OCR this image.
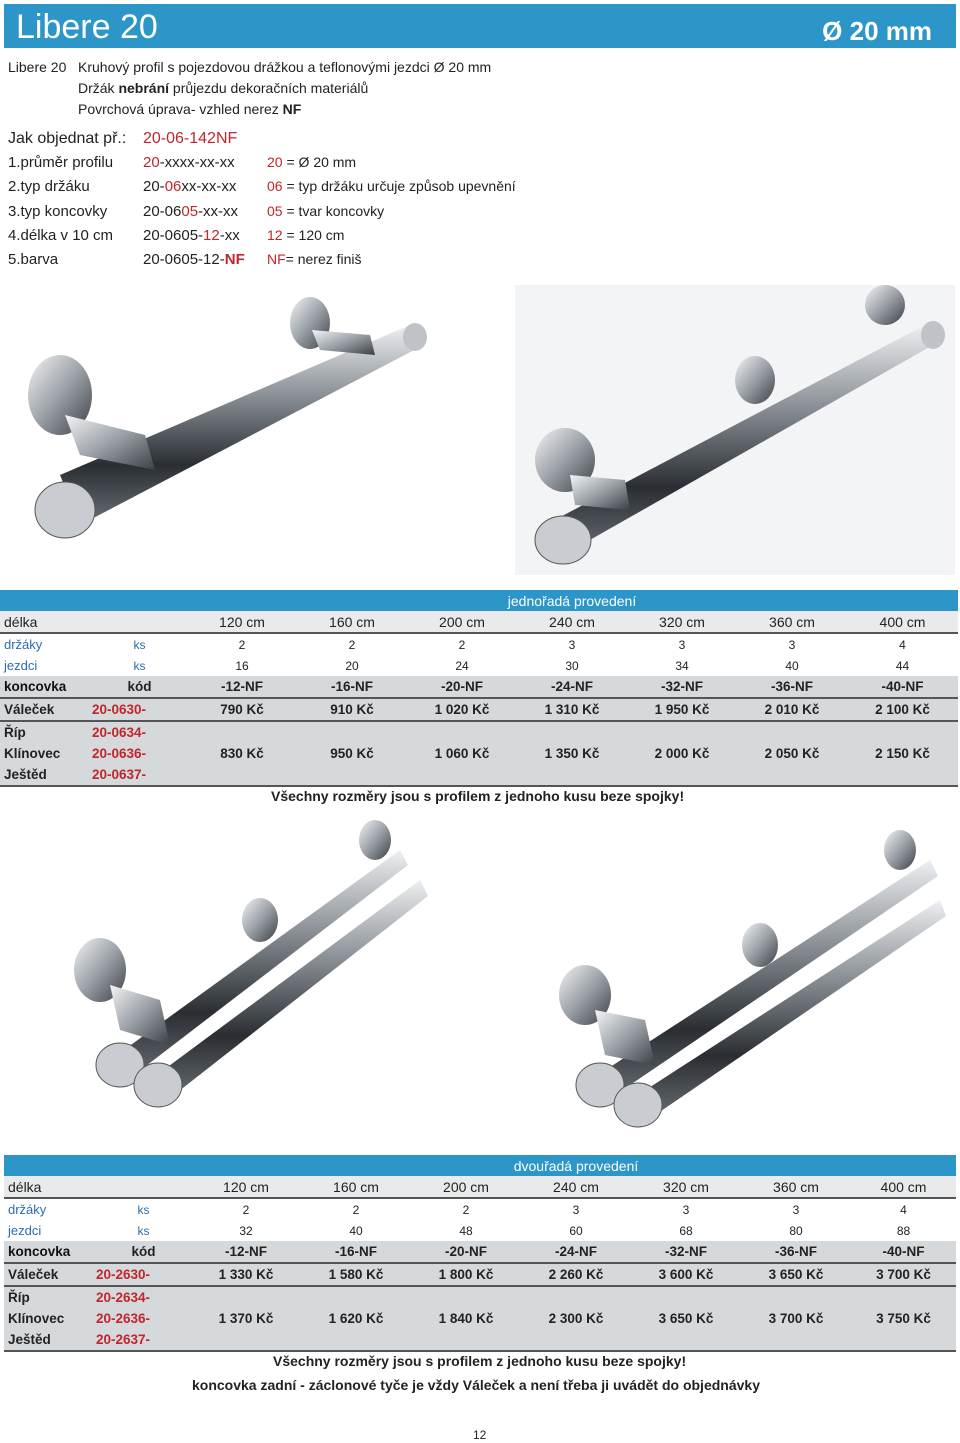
Libere 20	Ø 20 mm
Libere 20 Kruhový profil s pojezdovou drážkou a teflonovými jezdci Ø 20 mm
Držák nebrání průjezdu dekoračních materiálů
Povrchová úprava- vzhled nerez NF
Jak objednat př.: 20-06-142NF
1.průměr profilu 20-xxxx-xx-xx 20 = Ø 20 mm
2.typ držáku	20-06xx-xx-xx 06 = typ držáku určuje způsob upevnění
3.typ koncovky 20-0605-xx-xx 05 = tvar koncovky
4.délka v 10 cm 20-0605-12-xx 12 = 120 cm
5.barva	20-0605-12-NF NF= nerez finiš
				jednořadá provedení				
délka		120 cm	160 cm	200 cm	240 cm	320 cm	360 cm	400 cm
držáky	ks	2	2	2	3	3	3	4
jezdci	ks	16	20	24	30	34	40	44
koncovka	kód	-12-NF	-16-NF	-20-NF	-24-NF	-32-NF	-36-NF	-40-NF
Váleček	20-0630-	790 Kč	910 Kč	1 020 Kč	1 310 Kč	1 950 Kč	2 010 Kč	2 100 Kč
Říp	20-0634-							
Klínovec	20-0636-	830 Kč	950 Kč	1 060 Kč	1 350 Kč	2 000 Kč	2 050 Kč	2 150 Kč
Ještěd	20-0637-							
Všechny rozměry jsou s profilem z jednoho kusu beze spojky!
				dvouřadá provedení				
délka		120 cm	160 cm	200 cm	240 cm	320 cm	360 cm	400 cm
držáky	ks	2	2	2	3	3	3	4
jezdci	ks	32	40	48	60	68	80	88
koncovka	kód	-12-NF	-16-NF	-20-NF	-24-NF	-32-NF	-36-NF	-40-NF
Váleček	20-2630-	1 330 Kč	1 580 Kč	1 800 Kč	2 260 Kč	3 600 Kč	3 650 Kč	3 700 Kč
Říp	20-2634-							
Klínovec	20-2636-	1 370 Kč	1 620 Kč	1 840 Kč	2 300 Kč	3 650 Kč	3 700 Kč	3 750 Kč
Ještěd	20-2637-							
Všechny rozměry jsou s profilem z jednoho kusu beze spojky!
koncovka zadní - záclonové tyče je vždy Váleček a není třeba ji uvádět do objednávky
12
